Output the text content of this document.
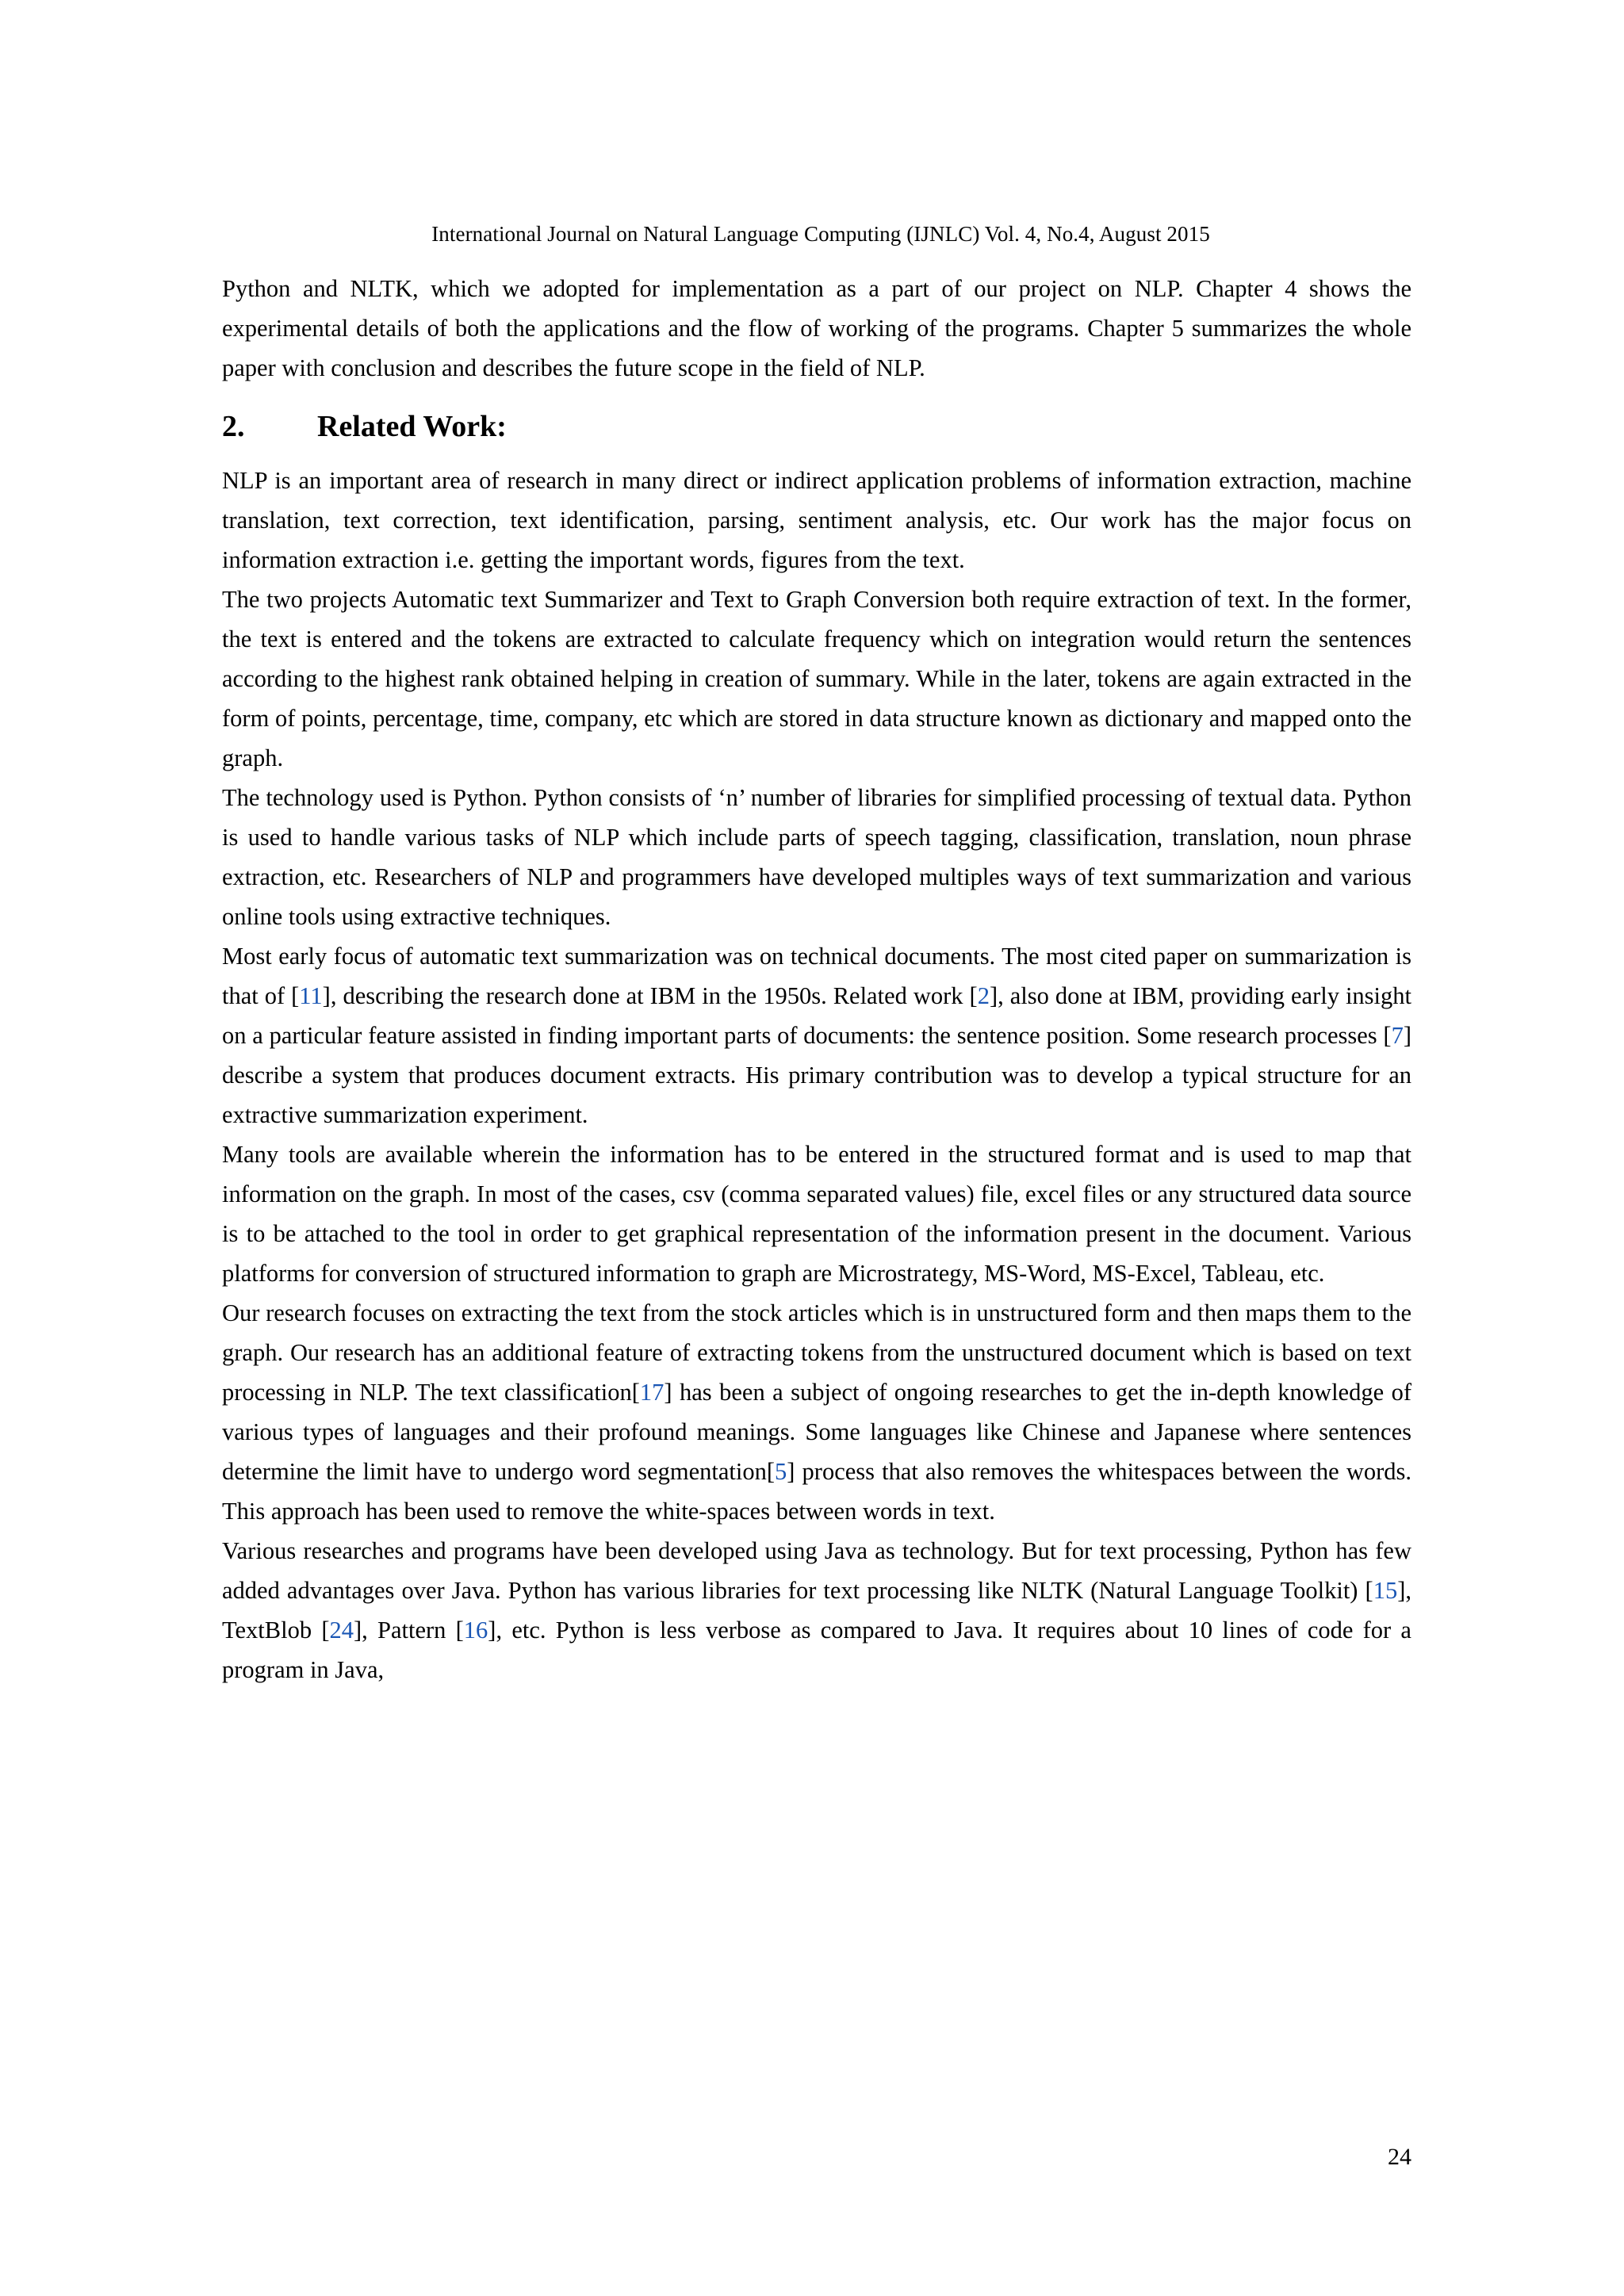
International Journal on Natural Language Computing (IJNLC) Vol. 4, No.4, August 2015

Python and NLTK, which we adopted for implementation as a part of our project on NLP. Chapter 4 shows the experimental details of both the applications and the flow of working of the programs. Chapter 5 summarizes the whole paper with conclusion and describes the future scope in the field of NLP.

2. Related Work:

NLP is an important area of research in many direct or indirect application problems of information extraction, machine translation, text correction, text identification, parsing, sentiment analysis, etc. Our work has the major focus on information extraction i.e. getting the important words, figures from the text.

The two projects Automatic text Summarizer and Text to Graph Conversion both require extraction of text. In the former, the text is entered and the tokens are extracted to calculate frequency which on integration would return the sentences according to the highest rank obtained helping in creation of summary. While in the later, tokens are again extracted in the form of points, percentage, time, company, etc which are stored in data structure known as dictionary and mapped onto the graph.

The technology used is Python. Python consists of ‘n’ number of libraries for simplified processing of textual data. Python is used to handle various tasks of NLP which include parts of speech tagging, classification, translation, noun phrase extraction, etc. Researchers of NLP and programmers have developed multiples ways of text summarization and various online tools using extractive techniques.

Most early focus of automatic text summarization was on technical documents. The most cited paper on summarization is that of [11], describing the research done at IBM in the 1950s. Related work [2], also done at IBM, providing early insight on a particular feature assisted in finding important parts of documents: the sentence position. Some research processes [7] describe a system that produces document extracts. His primary contribution was to develop a typical structure for an extractive summarization experiment.

Many tools are available wherein the information has to be entered in the structured format and is used to map that information on the graph. In most of the cases, csv (comma separated values) file, excel files or any structured data source is to be attached to the tool in order to get graphical representation of the information present in the document. Various platforms for conversion of structured information to graph are Microstrategy, MS-Word, MS-Excel, Tableau, etc.

Our research focuses on extracting the text from the stock articles which is in unstructured form and then maps them to the graph. Our research has an additional feature of extracting tokens from the unstructured document which is based on text processing in NLP. The text classification[17] has been a subject of ongoing researches to get the in-depth knowledge of various types of languages and their profound meanings. Some languages like Chinese and Japanese where sentences determine the limit have to undergo word segmentation[5] process that also removes the whitespaces between the words. This approach has been used to remove the white-spaces between words in text.

Various researches and programs have been developed using Java as technology. But for text processing, Python has few added advantages over Java. Python has various libraries for text processing like NLTK (Natural Language Toolkit) [15], TextBlob [24], Pattern [16], etc. Python is less verbose as compared to Java. It requires about 10 lines of code for a program in Java,

24
